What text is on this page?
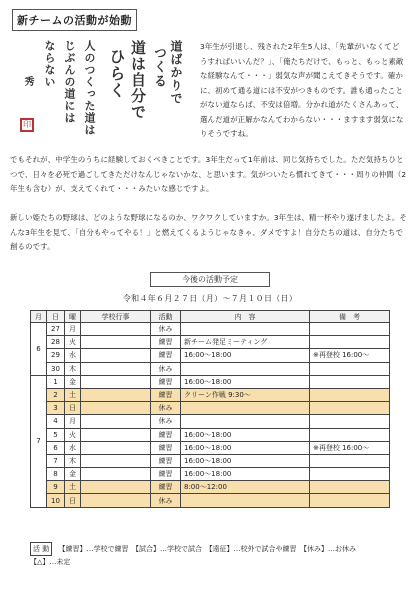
新チームの活動が始動
道ばかりで
つくる
道は自分で
ひらく
人のつくった道は
じぶんの道には
ならない
秀
印
3年生が引退し、残された2年生5人は、「先輩がいなくてどうすればいいんだ？」、「俺たちだけで、もっと、もっと素敵な経験なんて・・・」弱気な声が聞こえてきそうです。確かに、初めて通る道には不安がつきものです。誰も通ったことがない道ならば、不安は倍増。分かれ道がたくさんあって、選んだ道が正解かなんてわからない・・・ますます弱気になりそうですね。
でもそれが、中学生のうちに経験しておくべきことです。3年生だって1年前は、同じ気持ちでした。ただ気持ちひとつで、日々を必死で過ごしてきただけなんじゃないかな、と思います。気がついたら慣れてきて・・・周りの仲間（2年生も含む）が、支えてくれて・・・みたいな感じですよ。
新しい姫たちの野球は、どのような野球になるのか、ワクワクしていますか。3年生は、精一杯やり遂げましたよ。そんな3年生を見て、「自分もやってやる！」と燃えてくるようじゃなきゃ、ダメですよ！自分たちの道は、自分たちで創るのです。
今後の活動予定
令和４年６月２７日（月）～７月１０日（日）
月	日	曜	学校行事	活動	内　容	備　考
6	27	月		休み		
	28	火		練習	新チーム発足ミーティング	
	29	水		練習	16:00～18:00	※再登校 16:00～
	30	木		休み		
7	1	金		練習	16:00～18:00	
	2	土		練習	クリーン作戦 9:30～	
	3	日		休み		
	4	月		休み		
	5	火		練習	16:00～18:00	
	6	水		練習	16:00～18:00	※再登校 16:00～
	7	木		練習	16:00～18:00	
	8	金		練習	16:00～18:00	
	9	土		練習	8:00～12:00	
	10	日		休み		
活 動 【練習】…学校で練習　【試合】…学校で試合　【遠征】…校外で試合や練習　【休み】…お休み
【△】…未定
